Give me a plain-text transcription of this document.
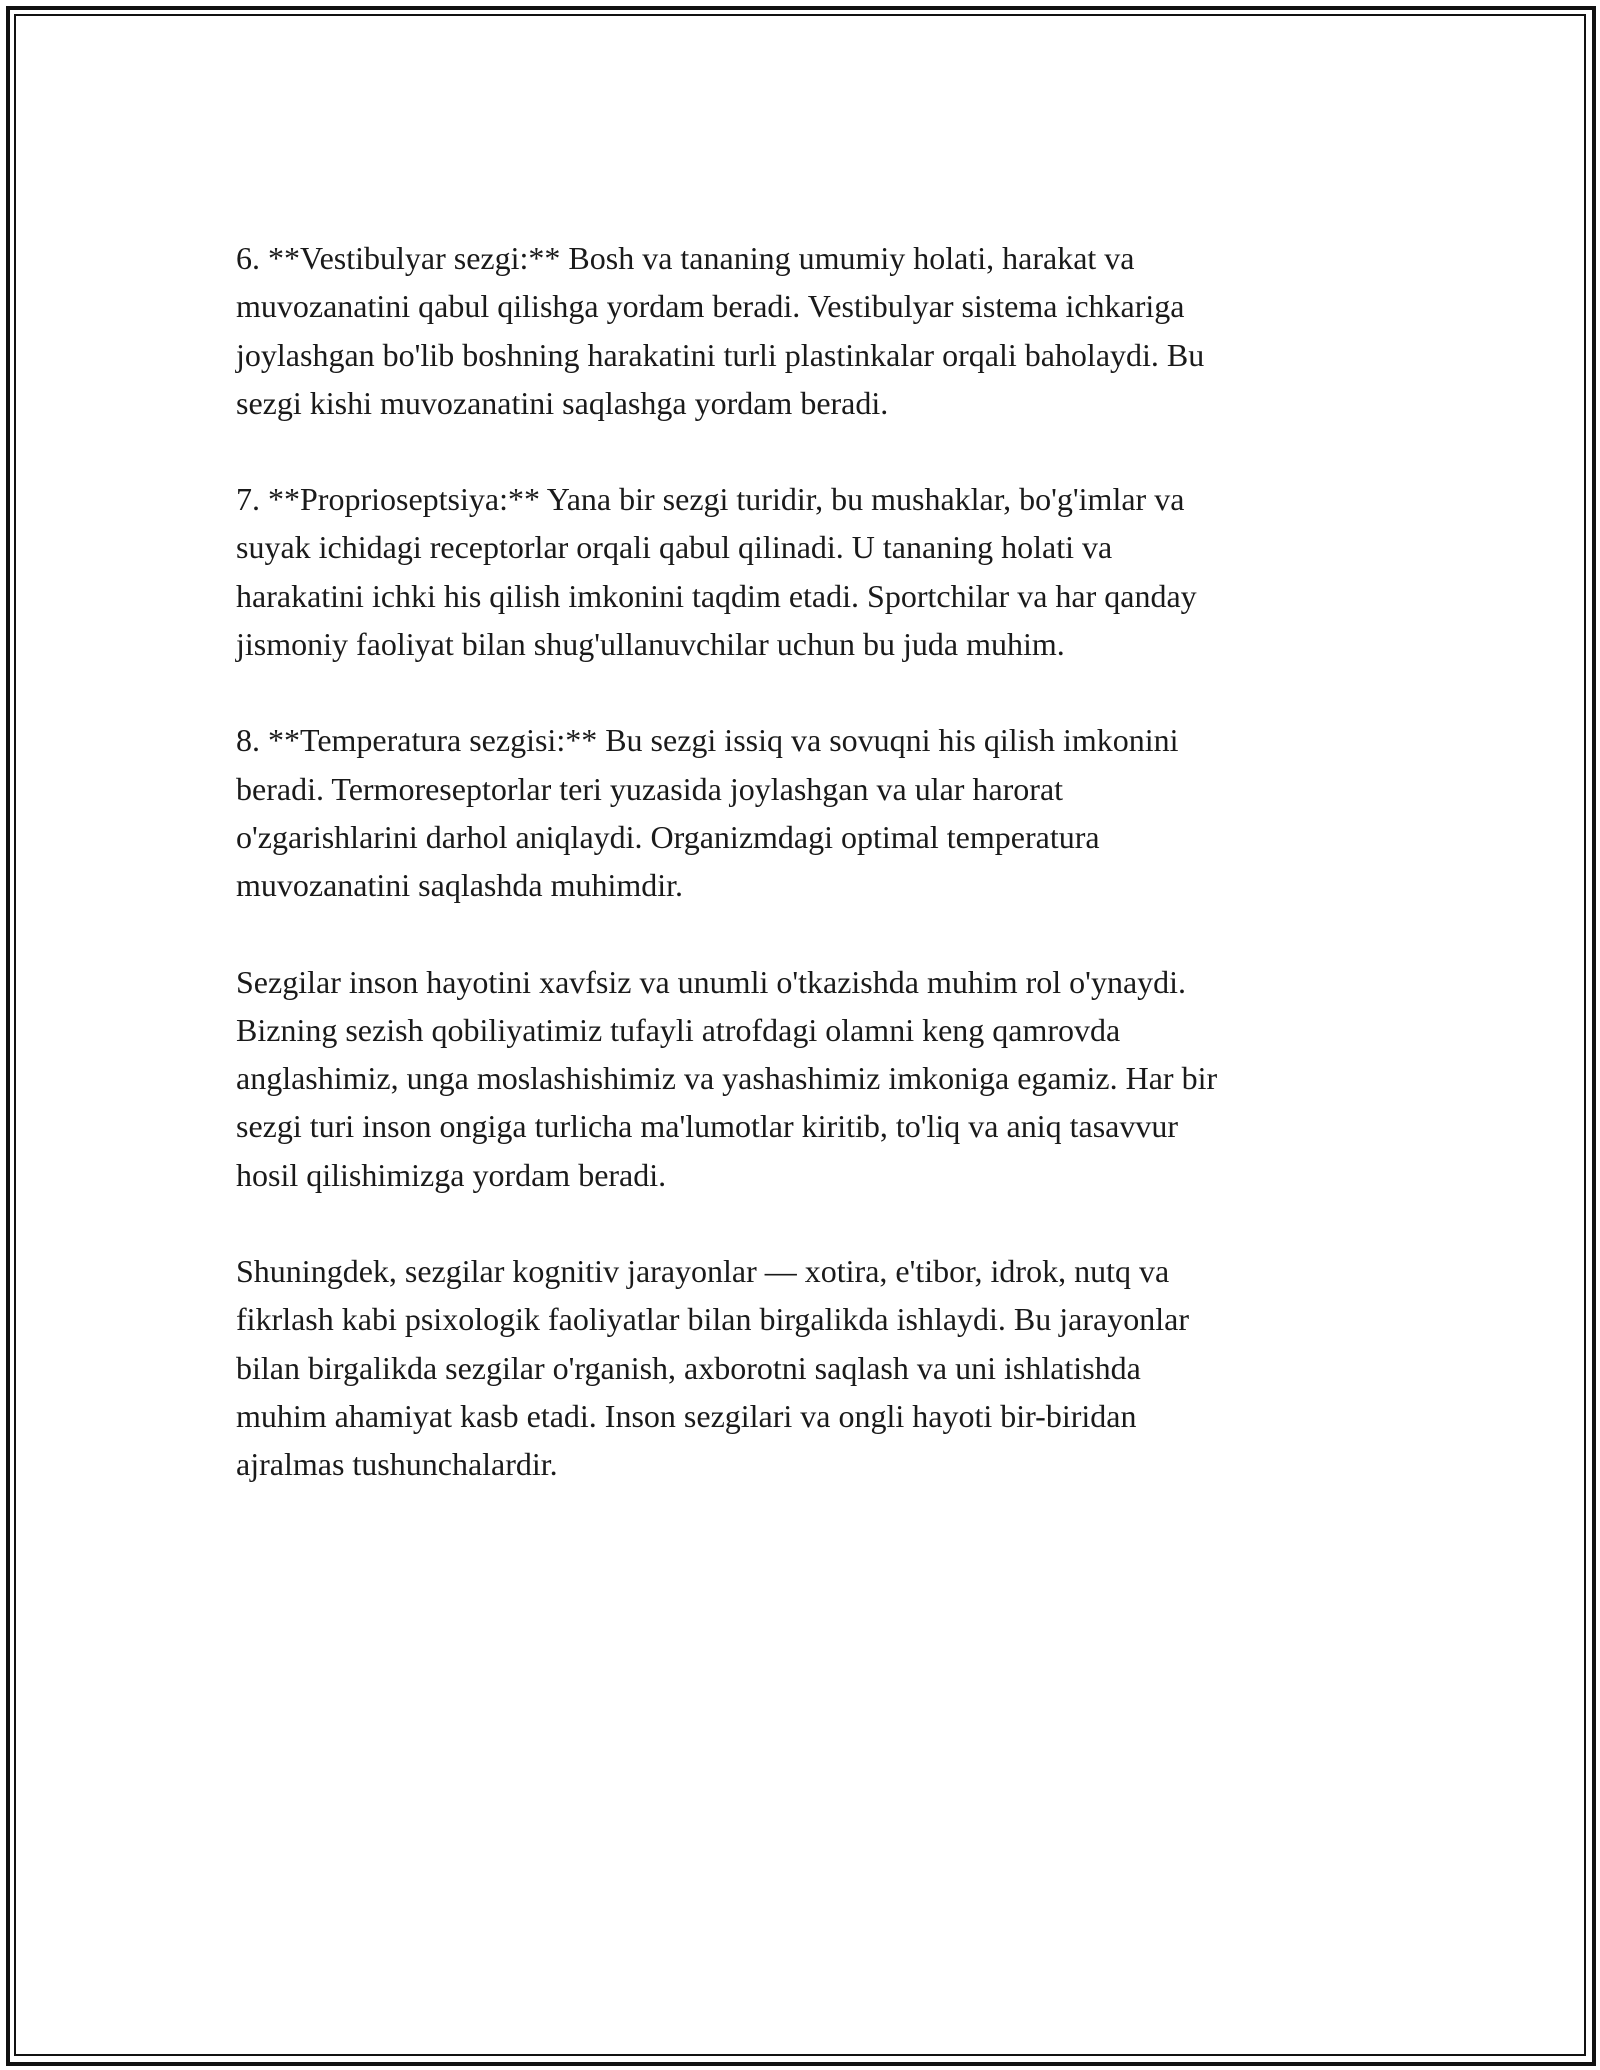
6. **Vestibulyar sezgi:** Bosh va tananing umumiy holati, harakat va
muvozanatini qabul qilishga yordam beradi. Vestibulyar sistema ichkariga
joylashgan bo'lib boshning harakatini turli plastinkalar orqali baholaydi. Bu
sezgi kishi muvozanatini saqlashga yordam beradi.

7. **Proprioseptsiya:** Yana bir sezgi turidir, bu mushaklar, bo'g'imlar va
suyak ichidagi receptorlar orqali qabul qilinadi. U tananing holati va
harakatini ichki his qilish imkonini taqdim etadi. Sportchilar va har qanday
jismoniy faoliyat bilan shug'ullanuvchilar uchun bu juda muhim.

8. **Temperatura sezgisi:** Bu sezgi issiq va sovuqni his qilish imkonini
beradi. Termoreseptorlar teri yuzasida joylashgan va ular harorat
o'zgarishlarini darhol aniqlaydi. Organizmdagi optimal temperatura
muvozanatini saqlashda muhimdir.

Sezgilar inson hayotini xavfsiz va unumli o'tkazishda muhim rol o'ynaydi.
Bizning sezish qobiliyatimiz tufayli atrofdagi olamni keng qamrovda
anglashimiz, unga moslashishimiz va yashashimiz imkoniga egamiz. Har bir
sezgi turi inson ongiga turlicha ma'lumotlar kiritib, to'liq va aniq tasavvur
hosil qilishimizga yordam beradi.

Shuningdek, sezgilar kognitiv jarayonlar — xotira, e'tibor, idrok, nutq va
fikrlash kabi psixologik faoliyatlar bilan birgalikda ishlaydi. Bu jarayonlar
bilan birgalikda sezgilar o'rganish, axborotni saqlash va uni ishlatishda
muhim ahamiyat kasb etadi. Inson sezgilari va ongli hayoti bir-biridan
ajralmas tushunchalardir.
